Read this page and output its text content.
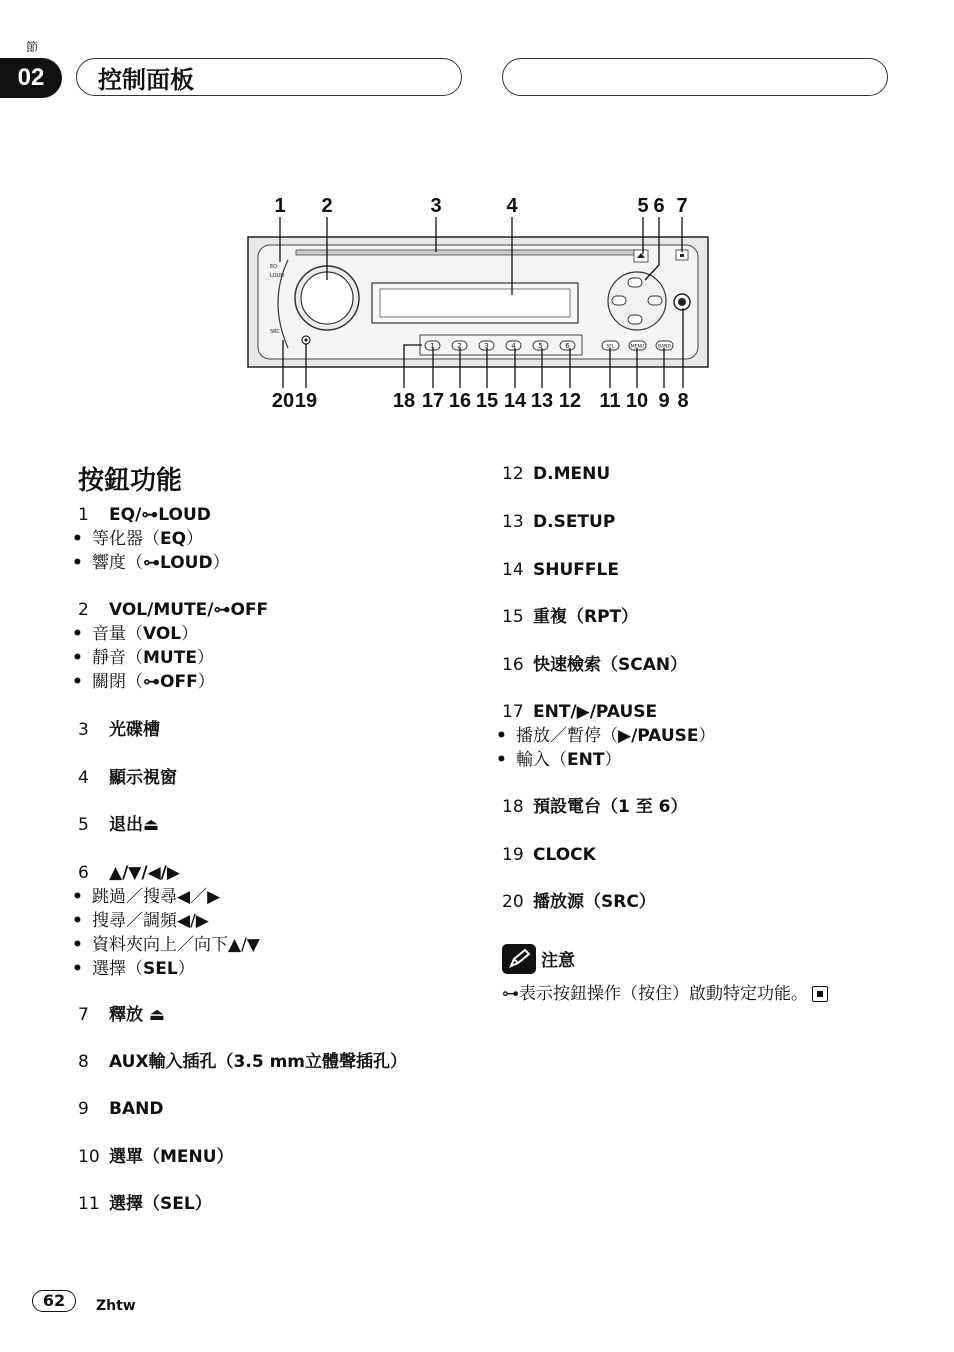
節
02	控制面板
1 2	3	4	5 6 7
20 19	18 17 16 15 14 13 12 11 10 9 8
EQ
LOUD
SRC
1	2	3	4	5	6	SEL	MENU	BAND
按鈕功能
1 EQ/⊶LOUD
• 等化器（EQ）
• 響度（⊶LOUD）
2 VOL/MUTE/⊶OFF
• 音量（VOL）
• 靜音（MUTE）
• 關閉（⊶OFF）
3 光碟槽
4 顯示視窗
5 退出⏏
6 ▲/▼/◀/▶
• 跳過／搜尋◀／▶
• 搜尋／調頻◀/▶
• 資料夾向上／向下▲/▼
• 選擇（SEL）
7 釋放 ⏏
8 AUX輸入插孔（3.5 mm立體聲插孔）
9 BAND
10 選單（MENU）
11 選擇（SEL）
12 D.MENU
13 D.SETUP
14 SHUFFLE
15 重複（RPT）
16 快速檢索（SCAN）
17 ENT/▶/PAUSE
• 播放／暫停（▶/PAUSE）
• 輸入（ENT）
18 預設電台（1 至 6）
19 CLOCK
20 播放源（SRC）
注意
⊶表示按鈕操作（按住）啟動特定功能。
62	Zhtw
